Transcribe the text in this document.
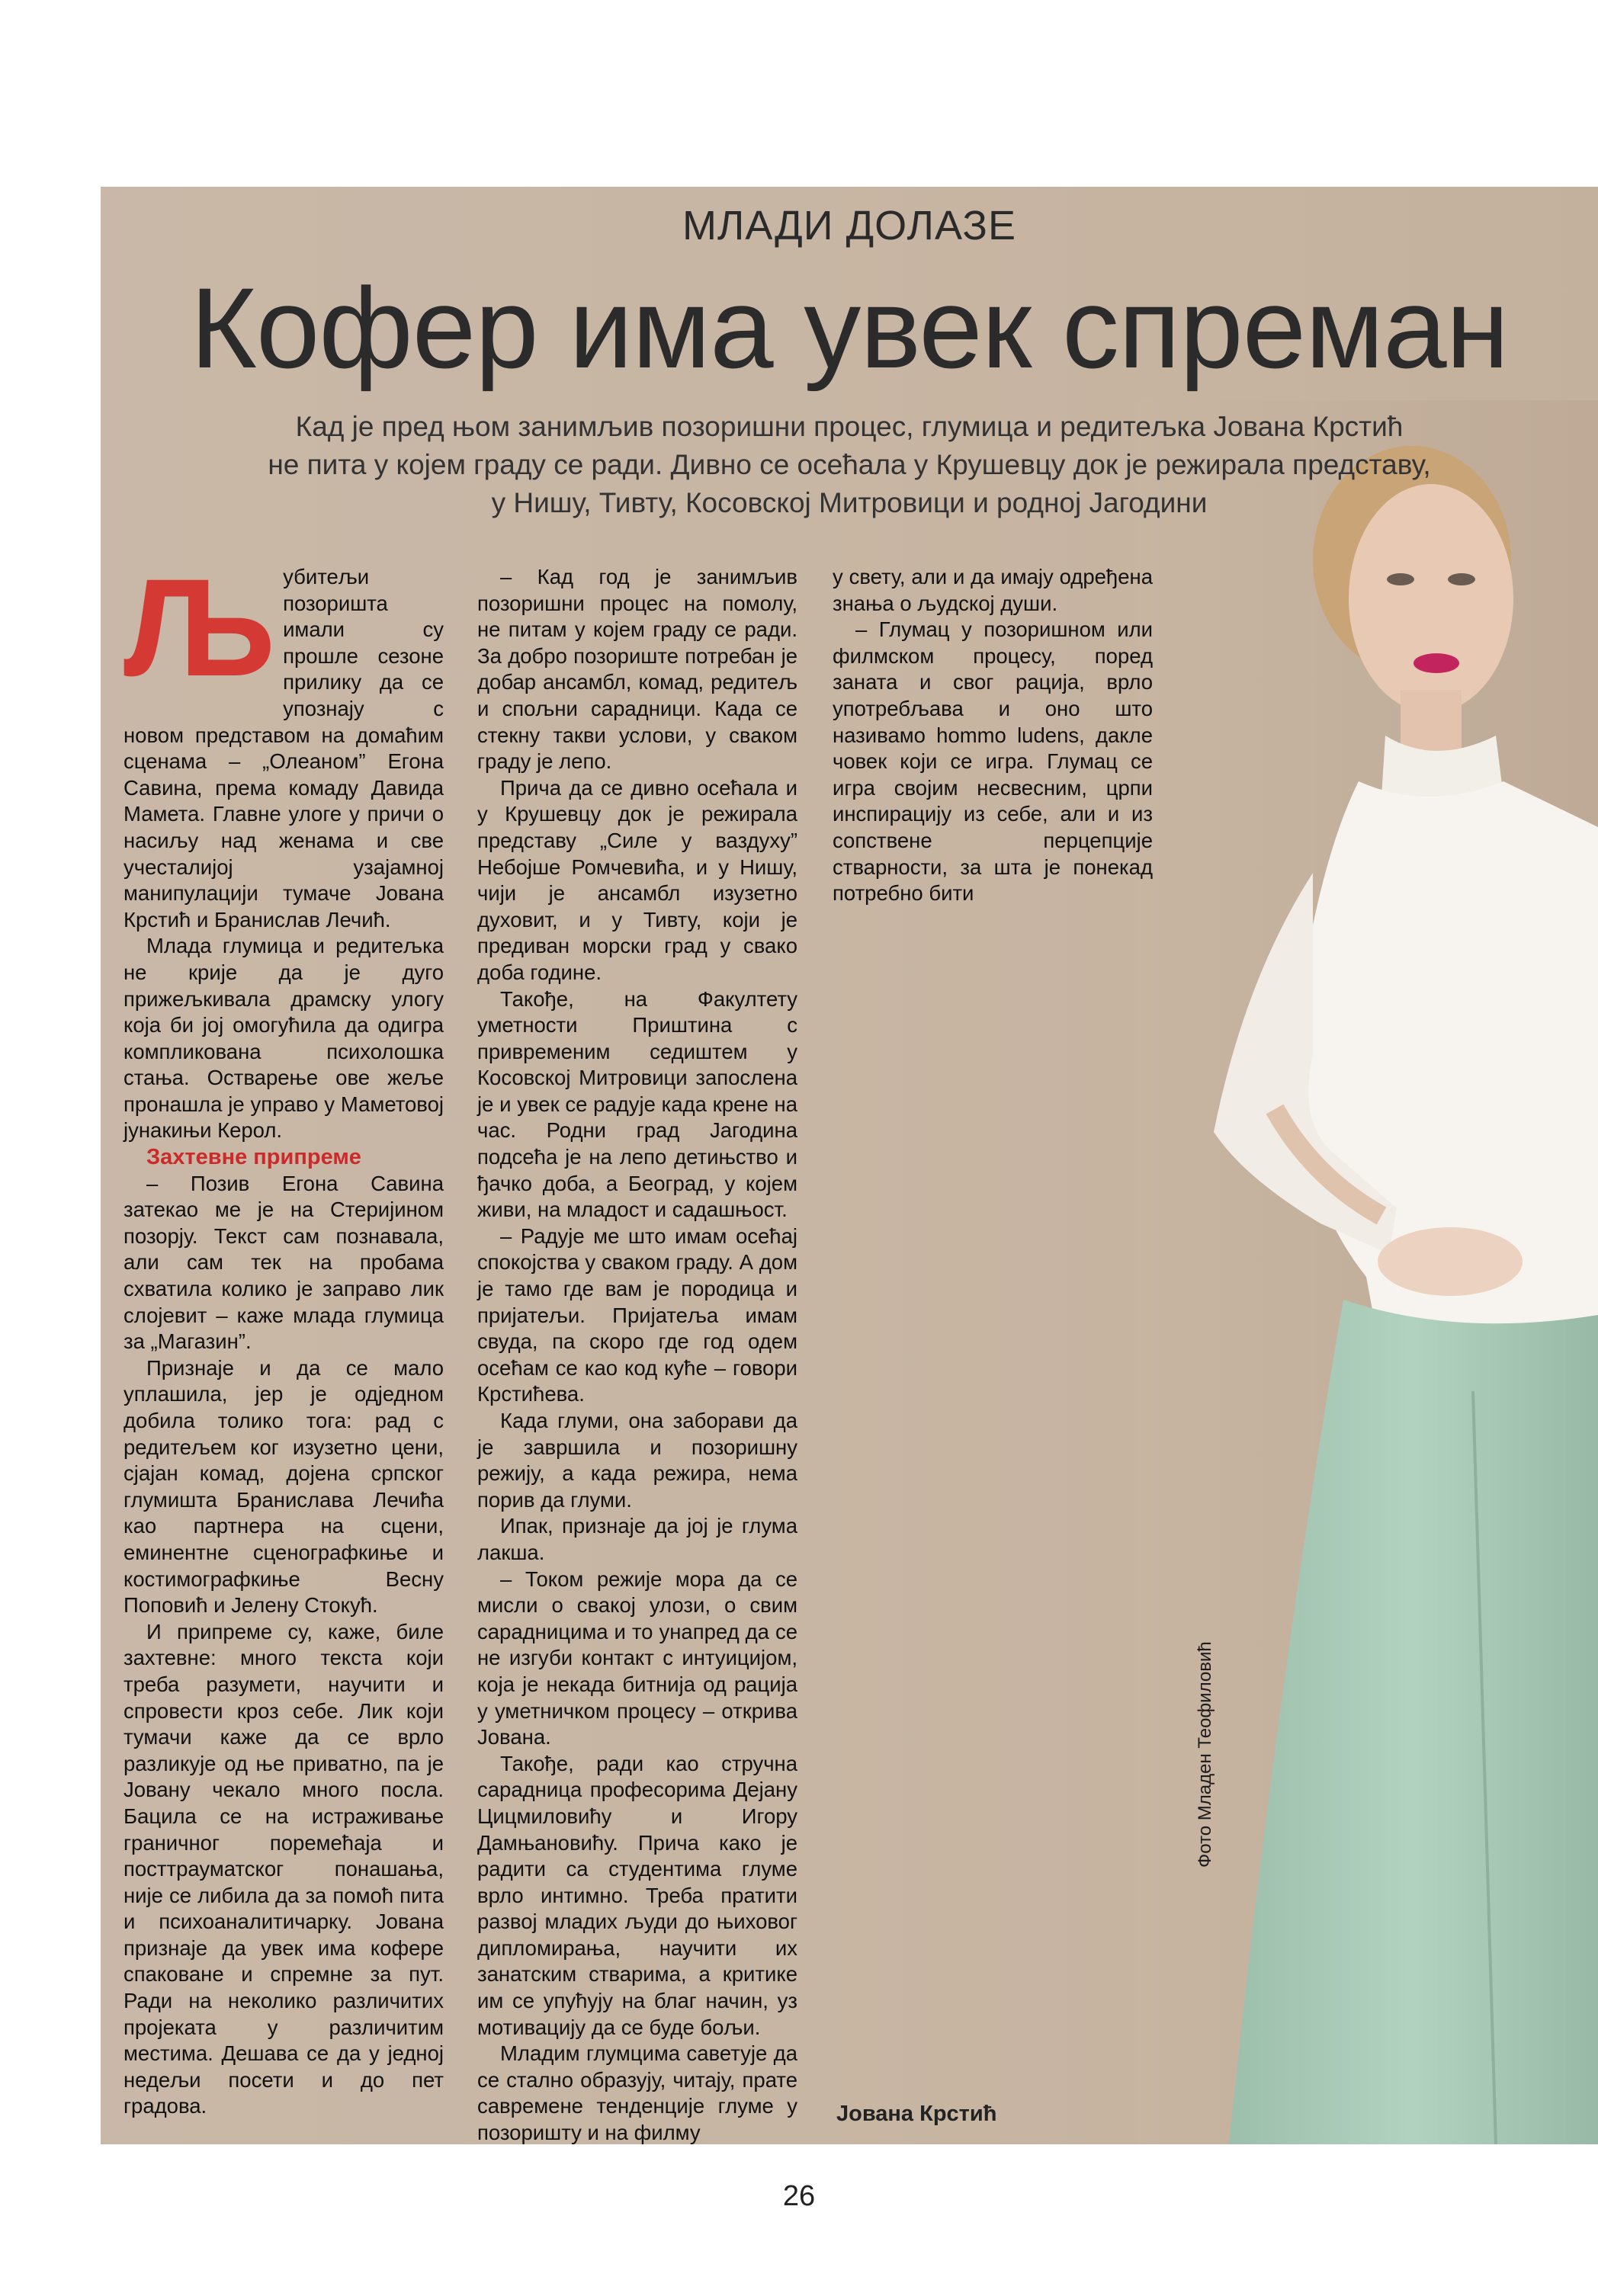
МЛАДИ ДОЛАЗЕ
Кофер има увек спреман
Кад је пред њом занимљив позоришни процес, глумица и редитељка Јована Крстић
не пита у којем граду се ради. Дивно се осећала у Крушевцу док је режирала представу,
у Нишу, Тивту, Косовској Митровици и родној Јагодини
Љ убитељи позоришта имали су прошле сезоне прилику да се упознају с новом представом на домаћим сценама – „Олеаном” Егона Савина, према комаду Давида Мамета. Главне улоге у причи о насиљу над женама и све учесталијој узајамној манипулацији тумаче Јована Крстић и Бранислав Лечић.

Млада глумица и редитељка не крије да је дуго прижељкивала драмску улогу која би јој омогућила да одигра компликована психолошка стања. Остварење ове жеље пронашла је управо у Маметовој јунакињи Керол.

Захтевне припреме

– Позив Егона Савина затекао ме је на Стеријином позорју. Текст сам познавала, али сам тек на пробама схватила колико је заправо лик слојевит – каже млада глумица за „Магазин”.

Признаје и да се мало уплашила, јер је одједном добила толико тога: рад с редитељем ког изузетно цени, сјајан комад, дојена српског глумишта Бранислава Лечића као партнера на сцени, еминентне сценографкиње и костимографкиње Весну Поповић и Јелену Стокућ.

И припреме су, каже, биле захтевне: много текста који треба разумети, научити и спровести кроз себе. Лик који тумачи каже да се врло разликује од ње приватно, па је Јовану чекало много посла. Бацила се на истраживање граничног поремећаја и посттрауматског понашања, није се либила да за помоћ пита и психоаналитичарку. Јована признаје да увек има кофере спаковане и спремне за пут. Ради на неколико различитих пројеката у различитим местима. Дешава се да у једној недељи посети и до пет градова.

– Кад год је занимљив позоришни процес на помолу, не питам у којем граду се ради. За добро позориште потребан је добар ансамбл, комад, редитељ и спољни сарадници. Када се стекну такви услови, у сваком граду је лепо.

Прича да се дивно осећала и у Крушевцу док је режирала представу „Силе у ваздуху” Небојше Ромчевића, и у Нишу, чији је ансамбл изузетно духовит, и у Тивту, који је предиван морски град у свако доба године.

Такође, на Факултету уметности Приштина с привременим седиштем у Косовској Митровици запослена је и увек се радује када крене на час. Родни град Јагодина подсећа је на лепо детињство и ђачко доба, а Београд, у којем живи, на младост и садашњост.

– Радује ме што имам осећај спокојства у сваком граду. А дом је тамо где вам је породица и пријатељи. Пријатеља имам свуда, па скоро где год одем осећам се као код куће – говори Крстићева.

Када глуми, она заборави да је завршила и позоришну режију, а када режира, нема порив да глуми.

Ипак, признаје да јој је глума лакша.

– Током режије мора да се мисли о свакој улози, о свим сарадницима и то унапред да се не изгуби контакт с интуицијом, која је некада битнија од рација у уметничком процесу – открива Јована.

Такође, ради као стручна сарадница професорима Дејану Цицмиловићу и Игору Дамњановићу. Прича како је радити са студентима глуме врло интимно. Треба пратити развој младих људи до њиховог дипломирања, научити их занатским стварима, а критике им се упућују на благ начин, уз мотивацију да се буде бољи.

Младим глумцима саветује да се стално образују, читају, прате савремене тенденције глуме у позоришту и на филму

у свету, али и да имају одређена знања о људској души.

– Глумац у позоришном или филмском процесу, поред заната и свог рација, врло употребљава и оно што називамо hommo ludens, дакле човек који се игра. Глумац се игра својим несвесним, црпи инспирацију из себе, али и из сопствене перцепције стварности, за шта је понекад потребно бити

Фото Младен Теофиловић
Јована Крстић
26
